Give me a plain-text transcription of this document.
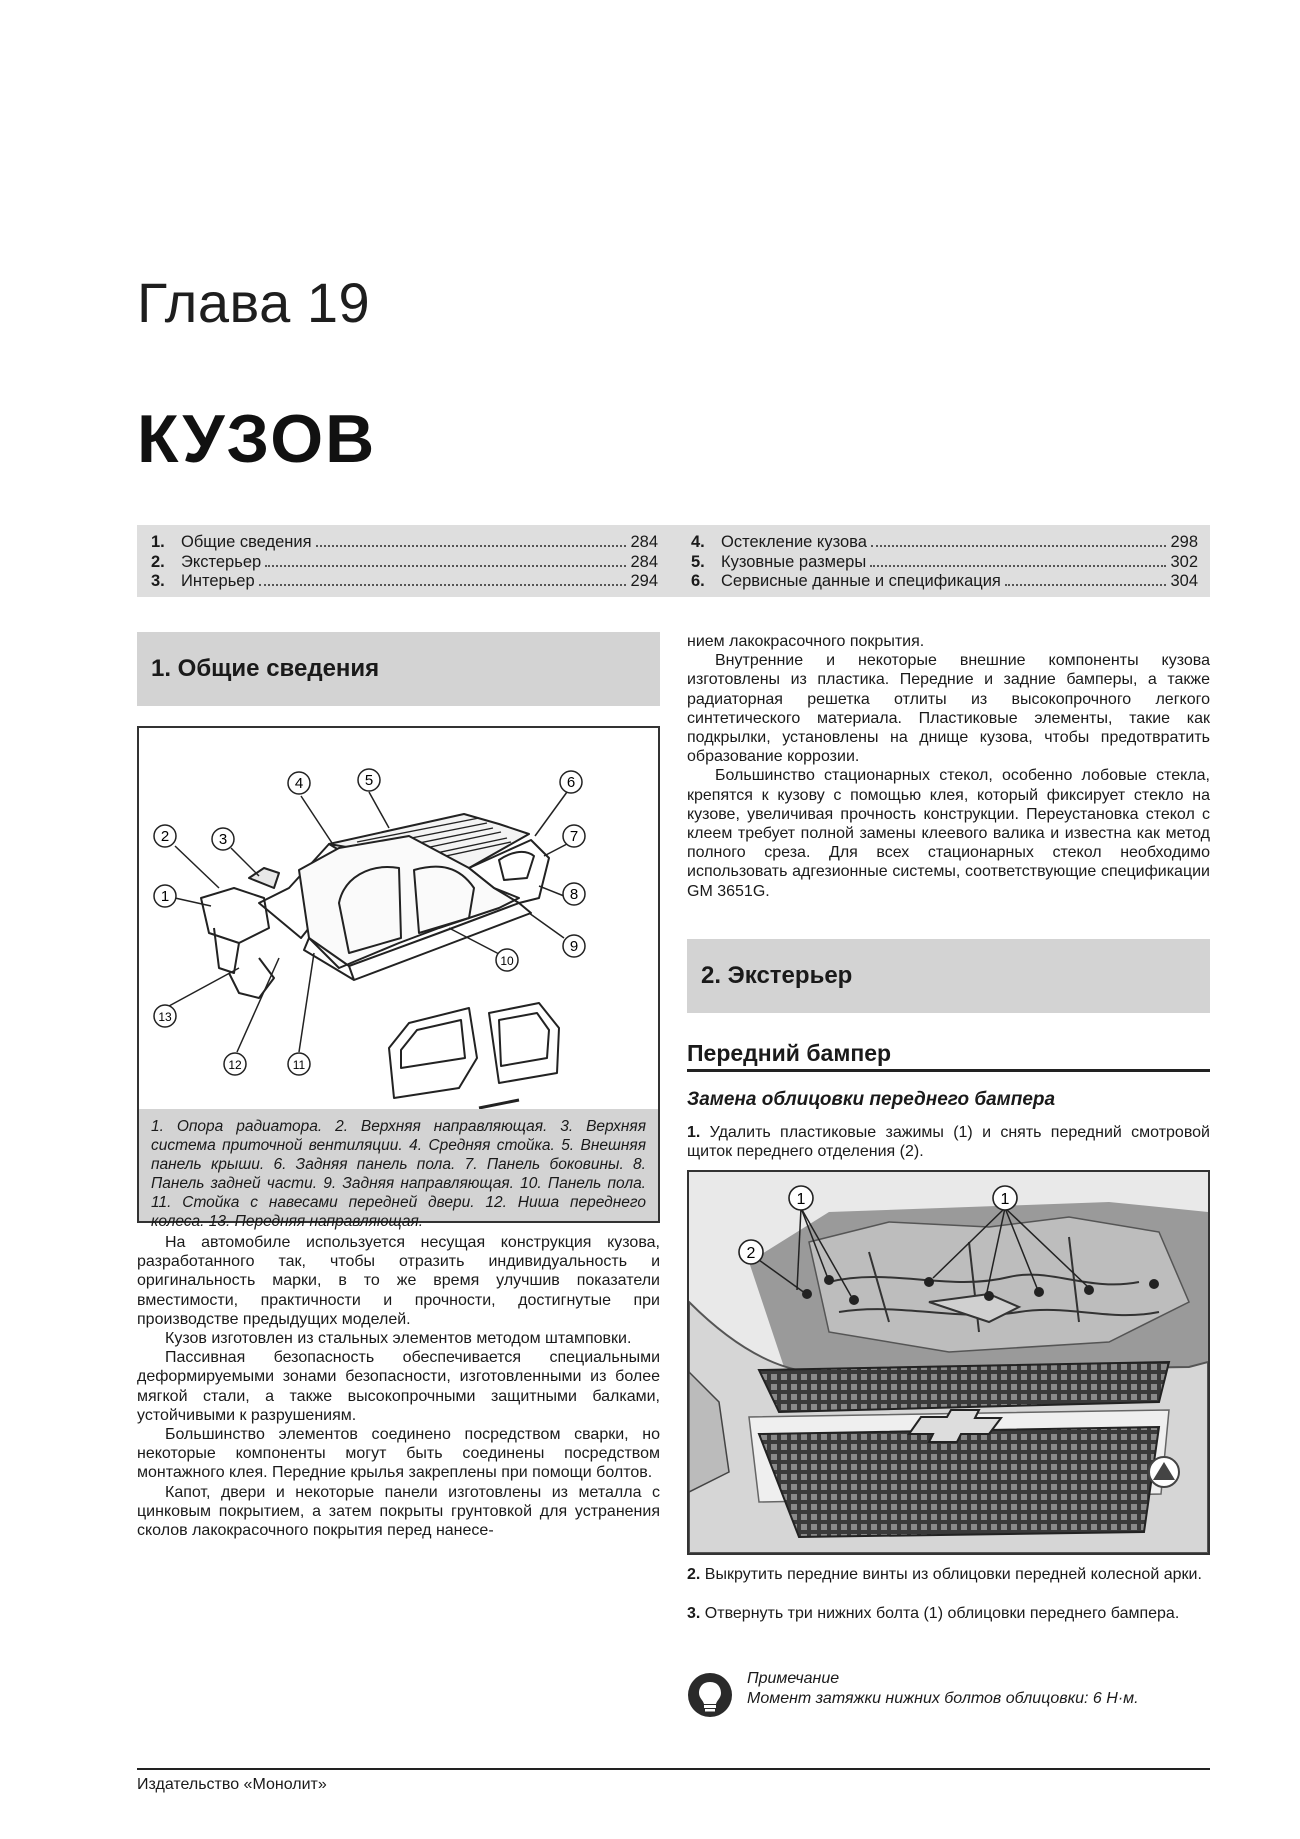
Глава 19
КУЗОВ
1. Общие сведения	284
2. Экстерьер	284
3. Интерьер	294
4. Остекление кузова	298
5. Кузовные размеры	302
6. Сервисные данные и спецификация	304
1. Общие сведения
1
2	3
4	5	6
7
8
9
10
11
12
13
1. Опора радиатора. 2. Верхняя направляющая. 3. Верхняя система приточной вентиляции. 4. Средняя стойка. 5. Внешняя панель крыши. 6. Задняя панель пола. 7. Панель боковины. 8. Панель задней части. 9. Задняя направляющая. 10. Панель пола. 11. Стойка с навесами передней двери. 12. Ниша переднего колеса. 13. Передняя направляющая.

На автомобиле используется несущая конструкция кузова, разработанного так, чтобы отразить индивидуальность и оригинальность марки, в то же время улучшив показатели вместимости, практичности и прочности, достигнутые при производстве предыдущих моделей.

Кузов изготовлен из стальных элементов методом штамповки.

Пассивная безопасность обеспечивается специальными деформируемыми зонами безопасности, изготовленными из более мягкой стали, а также высокопрочными защитными балками, устойчивыми к разрушениям.

Большинство элементов соединено посредством сварки, но некоторые компоненты могут быть соединены посредством монтажного клея. Передние крылья закреплены при помощи болтов.

Капот, двери и некоторые панели изготовлены из металла с цинковым покрытием, а затем покрыты грунтовкой для устранения сколов лакокрасочного покрытия перед нанесе-

нием лакокрасочного покрытия.

Внутренние и некоторые внешние компоненты кузова изготовлены из пластика. Передние и задние бамперы, а также радиаторная решетка отлиты из высокопрочного легкого синтетического материала. Пластиковые элементы, такие как подкрылки, установлены на днище кузова, чтобы предотвратить образование коррозии.

Большинство стационарных стекол, особенно лобовые стекла, крепятся к кузову с помощью клея, который фиксирует стекло на кузове, увеличивая прочность конструкции. Переустановка стекол с клеем требует полной замены клеевого валика и известна как метод полного среза. Для всех стационарных стекол необходимо использовать адгезионные системы, соответствующие спецификации GM 3651G.

2. Экстерьер
Передний бампер
Замена облицовки переднего бампера
1. Удалить пластиковые зажимы (1) и снять передний смотровой щиток переднего отделения (2).
1	1
2
2. Выкрутить передние винты из облицовки передней колесной арки.
3. Отвернуть три нижних болта (1) облицовки переднего бампера.
Примечание
Момент затяжки нижних болтов облицовки: 6 Н·м.
Издательство «Монолит»
